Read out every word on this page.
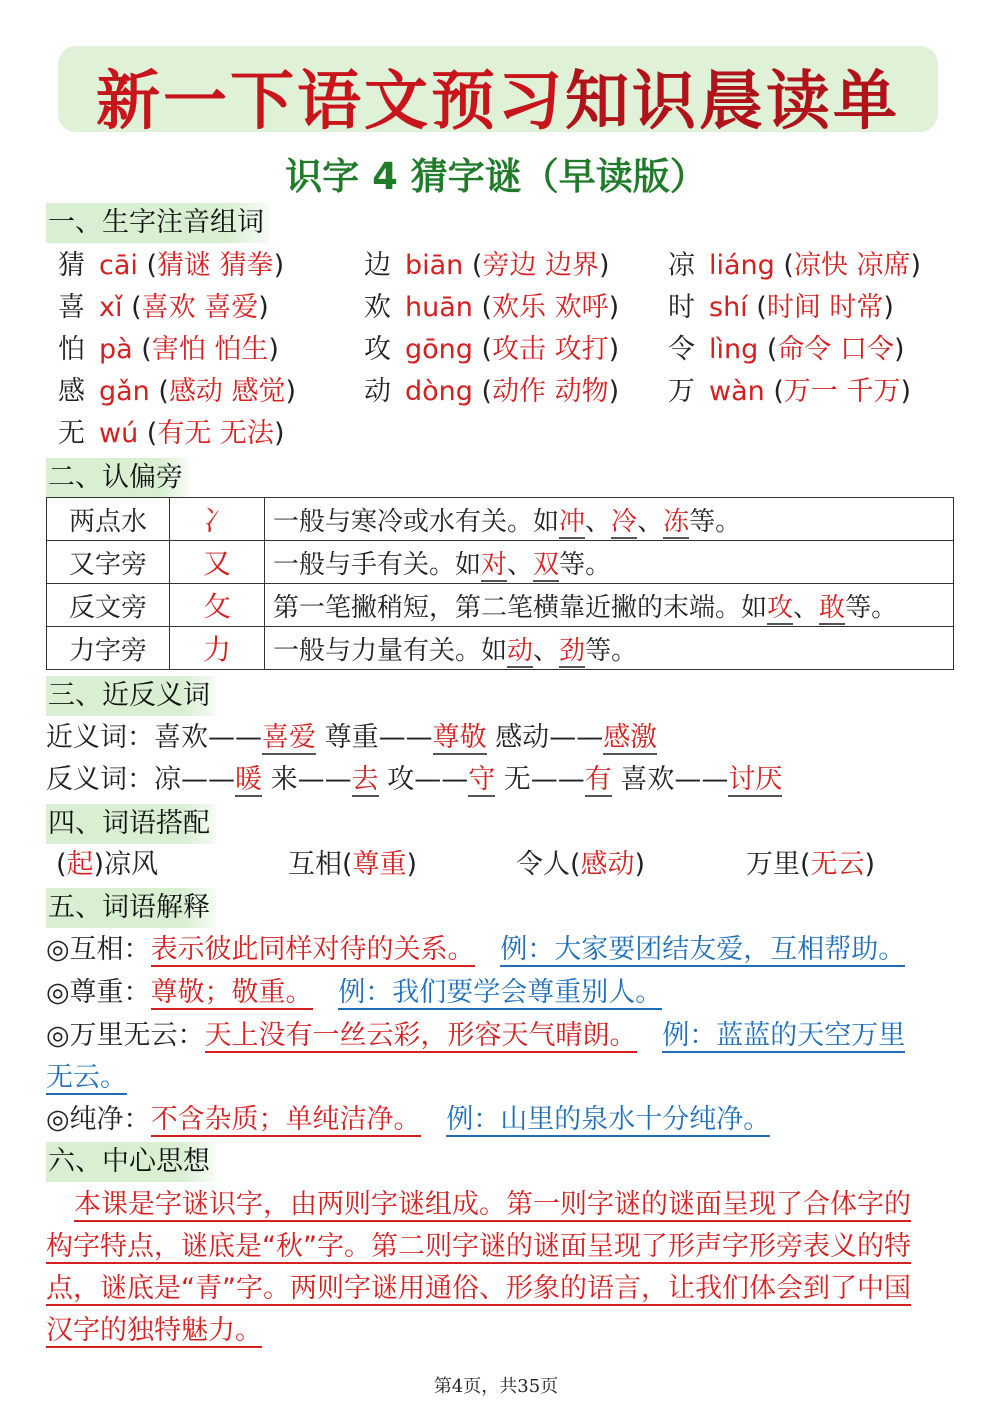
新一下语文预习知识晨读单
识字 4 猜字谜（早读版）
一、生字注音组词
猜 cāi (猜谜 猜拳)	边 biān (旁边 边界) 凉 liáng (凉快 凉席)
喜 xǐ (喜欢 喜爱)	欢 huān (欢乐 欢呼) 时 shí (时间 时常)
怕 pà (害怕 怕生)	攻 gōng (攻击 攻打) 令 lìng (命令 口令)
感 gǎn (感动 感觉)	动 dòng (动作 动物) 万 wàn (万一 千万)
无 wú (有无 无法)
二、认偏旁
两点水	冫	一般与寒冷或水有关。如冲、冷、冻等。
又字旁	又	一般与手有关。如对、双等。
反文旁	攵	第一笔撇稍短，第二笔横靠近撇的末端。如攻、敢等。
力字旁	力	一般与力量有关。如动、劲等。
三、近反义词
近义词：喜欢——喜爱 尊重——尊敬 感动——感激
反义词：凉——暖 来——去 攻——守 无——有 喜欢——讨厌
四、词语搭配
(起)凉风	互相(尊重)	令人(感动)	万里(无云)
五、词语解释
◎互相：表示彼此同样对待的关系。 例：大家要团结友爱，互相帮助。
◎尊重：尊敬；敬重。 例：我们要学会尊重别人。
◎万里无云：天上没有一丝云彩，形容天气晴朗。 例：蓝蓝的天空万里
无云。
◎纯净：不含杂质；单纯洁净。 例：山里的泉水十分纯净。
六、中心思想
本课是字谜识字，由两则字谜组成。第一则字谜的谜面呈现了合体字的
构字特点，谜底是“秋”字。第二则字谜的谜面呈现了形声字形旁表义的特
点，谜底是“青”字。两则字谜用通俗、形象的语言，让我们体会到了中国
汉字的独特魅力。
第4页，共35页
